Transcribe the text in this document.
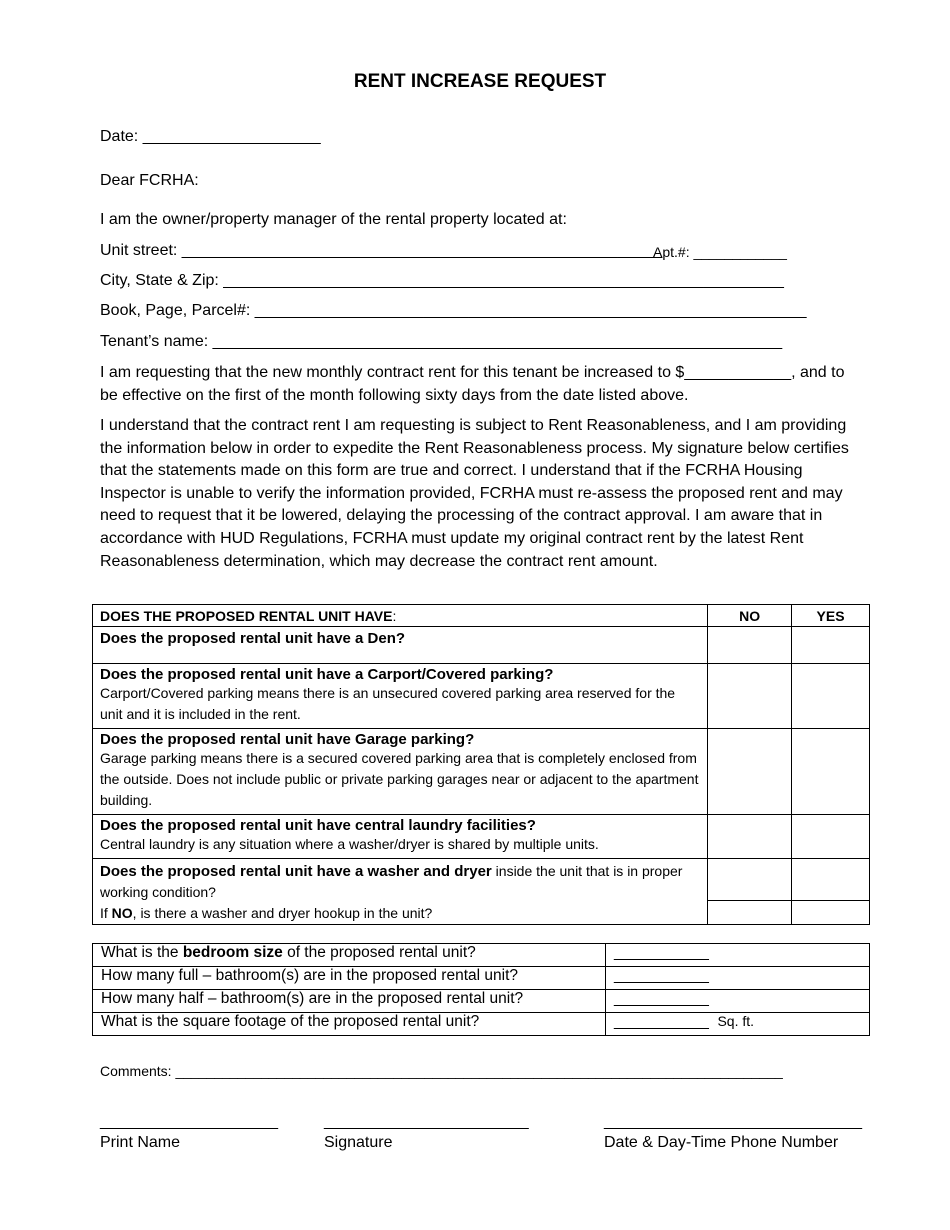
RENT INCREASE REQUEST
Date: ____________________
Dear FCRHA:
I am the owner/property manager of the rental property located at:
Unit street: ______________________________________________________
Apt.#: ____________
City, State & Zip: _______________________________________________________________
Book, Page, Parcel#: ______________________________________________________________
Tenant’s name: ________________________________________________________________
I am requesting that the new monthly contract rent for this tenant be increased to $____________, and to be effective on the first of the month following sixty days from the date listed above.
I understand that the contract rent I am requesting is subject to Rent Reasonableness, and I am providing the information below in order to expedite the Rent Reasonableness process. My signature below certifies that the statements made on this form are true and correct. I understand that if the FCRHA Housing Inspector is unable to verify the information provided, FCRHA must re-assess the proposed rent and may need to request that it be lowered, delaying the processing of the contract approval. I am aware that in accordance with HUD Regulations, FCRHA must update my original contract rent by the latest Rent Reasonableness determination, which may decrease the contract rent amount.
DOES THE PROPOSED RENTAL UNIT HAVE:	NO	YES

Does the proposed rental unit have a Den?		

Does the proposed rental unit have a Carport/Covered parking?
Carport/Covered parking means there is an unsecured covered parking area reserved for the unit and it is included in the rent.		

Does the proposed rental unit have Garage parking?
Garage parking means there is a secured covered parking area that is completely enclosed from the outside. Does not include public or private parking garages near or adjacent to the apartment building.		

Does the proposed rental unit have central laundry facilities?
Central laundry is any situation where a washer/dryer is shared by multiple units.		

Does the proposed rental unit have a washer and dryer inside the unit that is in proper working condition?
If NO, is there a washer and dryer hookup in the unit?		

What is the bedroom size of the proposed rental unit?	___________
How many full – bathroom(s) are in the proposed rental unit?	___________
How many half – bathroom(s) are in the proposed rental unit?	___________
What is the square footage of the proposed rental unit?	___________ Sq. ft.
Comments: ______________________________________________________________________________
____________________	_______________________	_____________________________
Print Name	Signature	Date & Day-Time Phone Number
